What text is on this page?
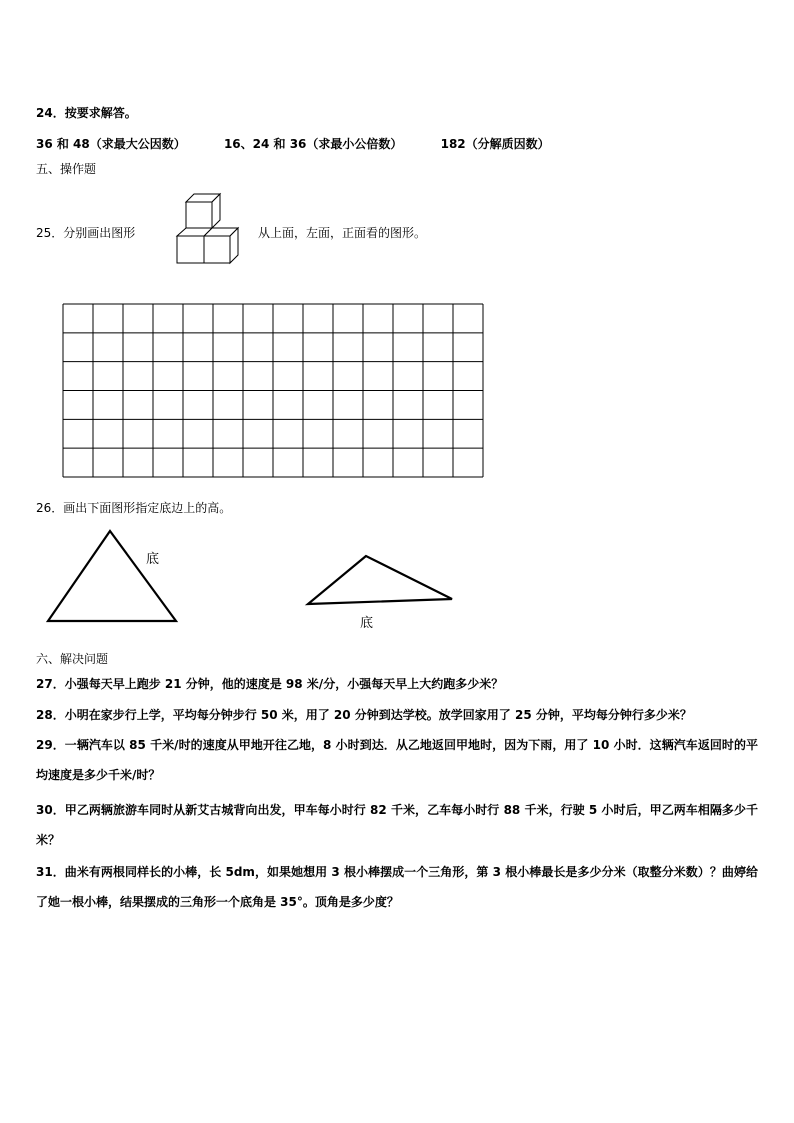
24．按要求解答。
36 和 48（求最大公因数）	16、24 和 36（求最小公倍数）	182（分解质因数）
五、操作题
25．分别画出图形	从上面，左面，正面看的图形。
26．画出下面图形指定底边上的高。
底
底
六、解决问题
27．小强每天早上跑步 21 分钟，他的速度是 98 米/分，小强每天早上大约跑多少米？
28．小明在家步行上学，平均每分钟步行 50 米，用了 20 分钟到达学校。放学回家用了 25 分钟，平均每分钟行多少米？
29．一辆汽车以 85 千米/时的速度从甲地开往乙地，8 小时到达．从乙地返回甲地时，因为下雨，用了 10 小时．这辆汽车返回时的平均速度是多少千米/时？
30．甲乙两辆旅游车同时从新艾古城背向出发，甲车每小时行 82 千米，乙车每小时行 88 千米，行驶 5 小时后，甲乙两车相隔多少千米？
31．曲米有两根同样长的小棒，长 5dm，如果她想用 3 根小棒摆成一个三角形，第 3 根小棒最长是多少分米（取整分米数）？曲婷给了她一根小棒，结果摆成的三角形一个底角是 35°。顶角是多少度？
